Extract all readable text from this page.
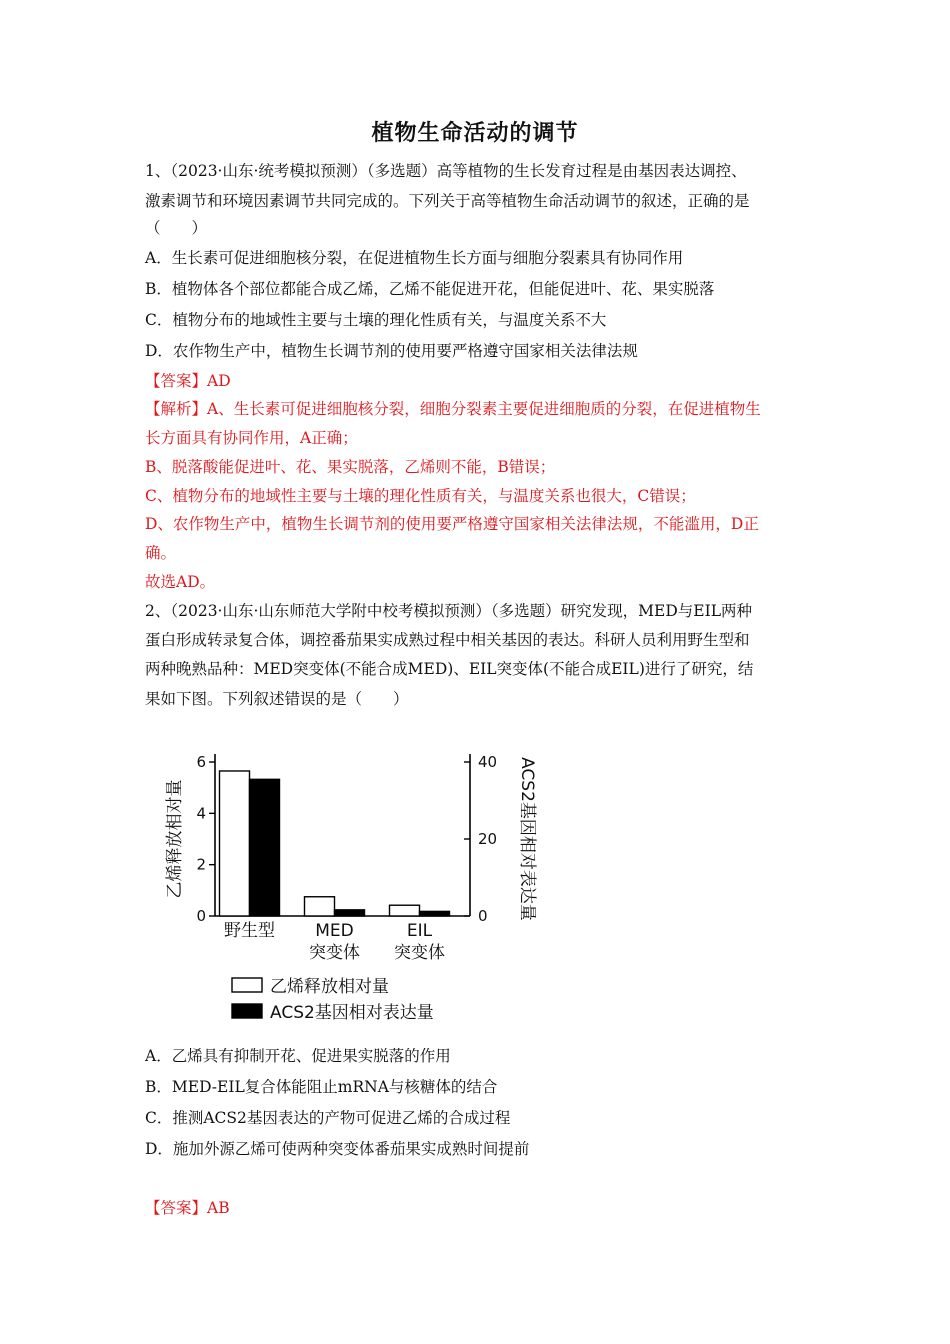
植物生命活动的调节
1、（2023·山东·统考模拟预测）（多选题）高等植物的生长发育过程是由基因表达调控、
激素调节和环境因素调节共同完成的。下列关于高等植物生命活动调节的叙述，正确的是
（　　）
A．生长素可促进细胞核分裂，在促进植物生长方面与细胞分裂素具有协同作用
B．植物体各个部位都能合成乙烯，乙烯不能促进开花，但能促进叶、花、果实脱落
C．植物分布的地域性主要与土壤的理化性质有关，与温度关系不大
D．农作物生产中，植物生长调节剂的使用要严格遵守国家相关法律法规
【答案】AD
【解析】A、生长素可促进细胞核分裂，细胞分裂素主要促进细胞质的分裂，在促进植物生
长方面具有协同作用，A正确；
B、脱落酸能促进叶、花、果实脱落，乙烯则不能，B错误；
C、植物分布的地域性主要与土壤的理化性质有关，与温度关系也很大，C错误；
D、农作物生产中，植物生长调节剂的使用要严格遵守国家相关法律法规，不能滥用，D正
确。
故选AD。
2、（2023·山东·山东师范大学附中校考模拟预测）（多选题）研究发现，MED与EIL两种
蛋白形成转录复合体，调控番茄果实成熟过程中相关基因的表达。科研人员利用野生型和
两种晚熟品种：MED突变体(不能合成MED)、EIL突变体(不能合成EIL)进行了研究，结
果如下图。下列叙述错误的是（　　）
0
2
4
6
0
20
40
乙烯释放相对量	ACS2基因相对表达量
野生型 MED
突变体
EIL
突变体
乙烯释放相对量
ACS2基因相对表达量
A．乙烯具有抑制开花、促进果实脱落的作用
B．MED-EIL复合体能阻止mRNA与核糖体的结合
C．推测ACS2基因表达的产物可促进乙烯的合成过程
D．施加外源乙烯可使两种突变体番茄果实成熟时间提前
【答案】AB
